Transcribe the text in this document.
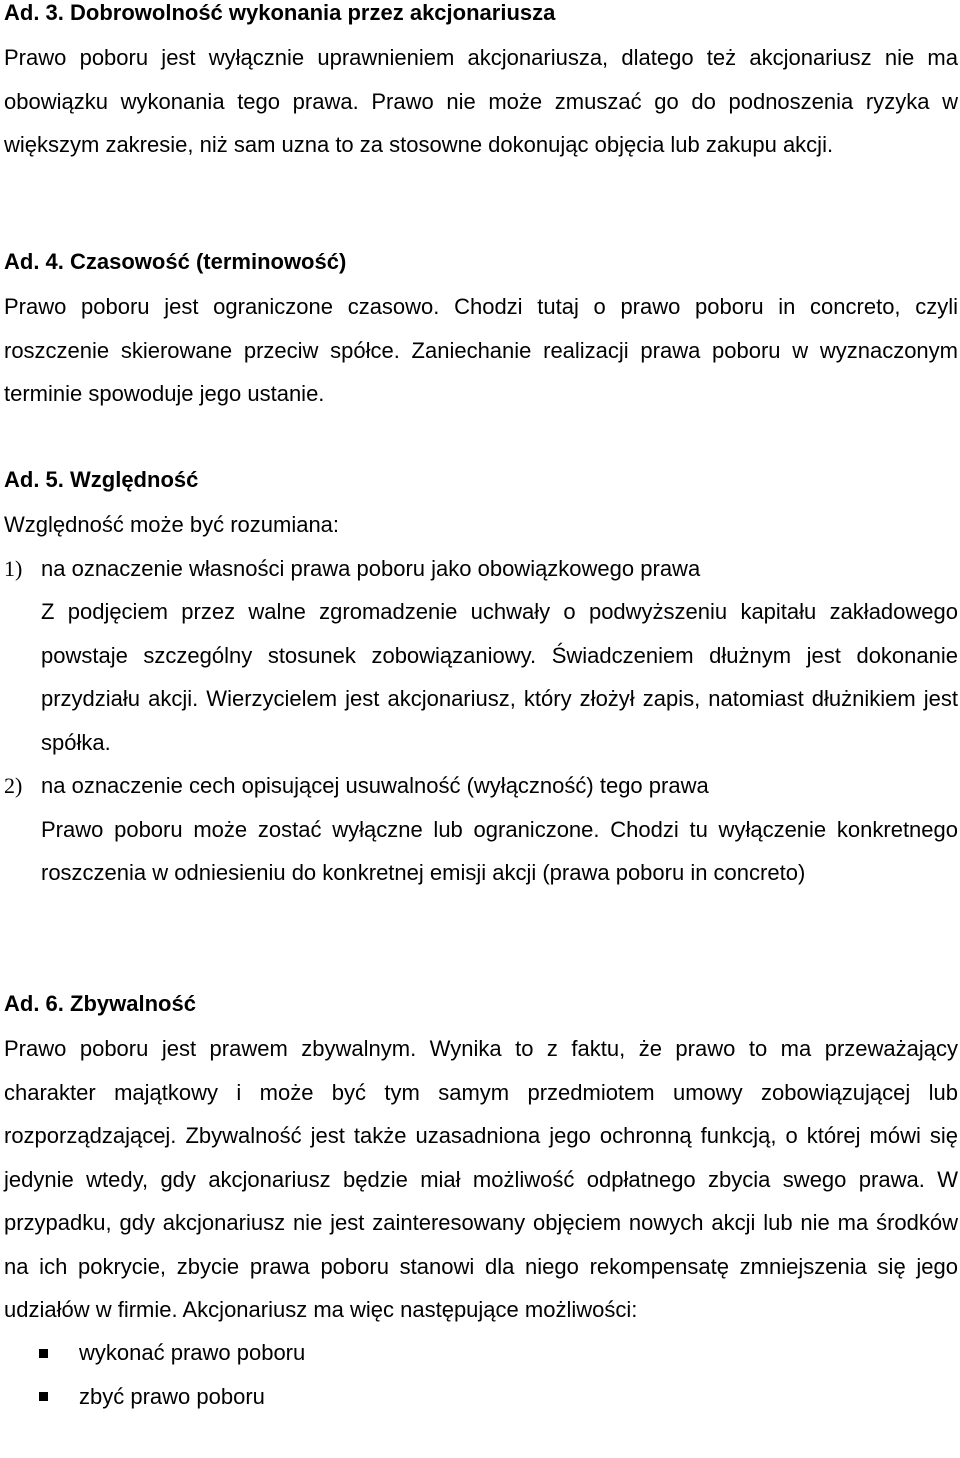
Ad. 3. Dobrowolność wykonania przez akcjonariusza

Prawo poboru jest wyłącznie uprawnieniem akcjonariusza, dlatego też akcjonariusz nie ma obowiązku wykonania tego prawa. Prawo nie może zmuszać go do podnoszenia ryzyka w większym zakresie, niż sam uzna to za stosowne dokonując objęcia lub zakupu akcji.

Ad. 4. Czasowość (terminowość)

Prawo poboru jest ograniczone czasowo. Chodzi tutaj o prawo poboru in concreto, czyli roszczenie skierowane przeciw spółce. Zaniechanie realizacji prawa poboru w wyznaczonym terminie spowoduje jego ustanie.

Ad. 5. Względność

Względność może być rozumiana:

1) na oznaczenie własności prawa poboru jako obowiązkowego prawa

Z podjęciem przez walne zgromadzenie uchwały o podwyższeniu kapitału zakładowego powstaje szczególny stosunek zobowiązaniowy. Świadczeniem dłużnym jest dokonanie przydziału akcji. Wierzycielem jest akcjonariusz, który złożył zapis, natomiast dłużnikiem jest spółka.

2) na oznaczenie cech opisującej usuwalność (wyłączność) tego prawa

Prawo poboru może zostać wyłączne lub ograniczone. Chodzi tu wyłączenie konkretnego roszczenia w odniesieniu do konkretnej emisji akcji (prawa poboru in concreto)

Ad. 6. Zbywalność

Prawo poboru jest prawem zbywalnym. Wynika to z faktu, że prawo to ma przeważający charakter majątkowy i może być tym samym przedmiotem umowy zobowiązującej lub rozporządzającej. Zbywalność jest także uzasadniona jego ochronną funkcją, o której mówi się jedynie wtedy, gdy akcjonariusz będzie miał możliwość odpłatnego zbycia swego prawa. W przypadku, gdy akcjonariusz nie jest zainteresowany objęciem nowych akcji lub nie ma środków na ich pokrycie, zbycie prawa poboru stanowi dla niego rekompensatę zmniejszenia się jego udziałów w firmie. Akcjonariusz ma więc następujące możliwości:

wykonać prawo poboru
zbyć prawo poboru
